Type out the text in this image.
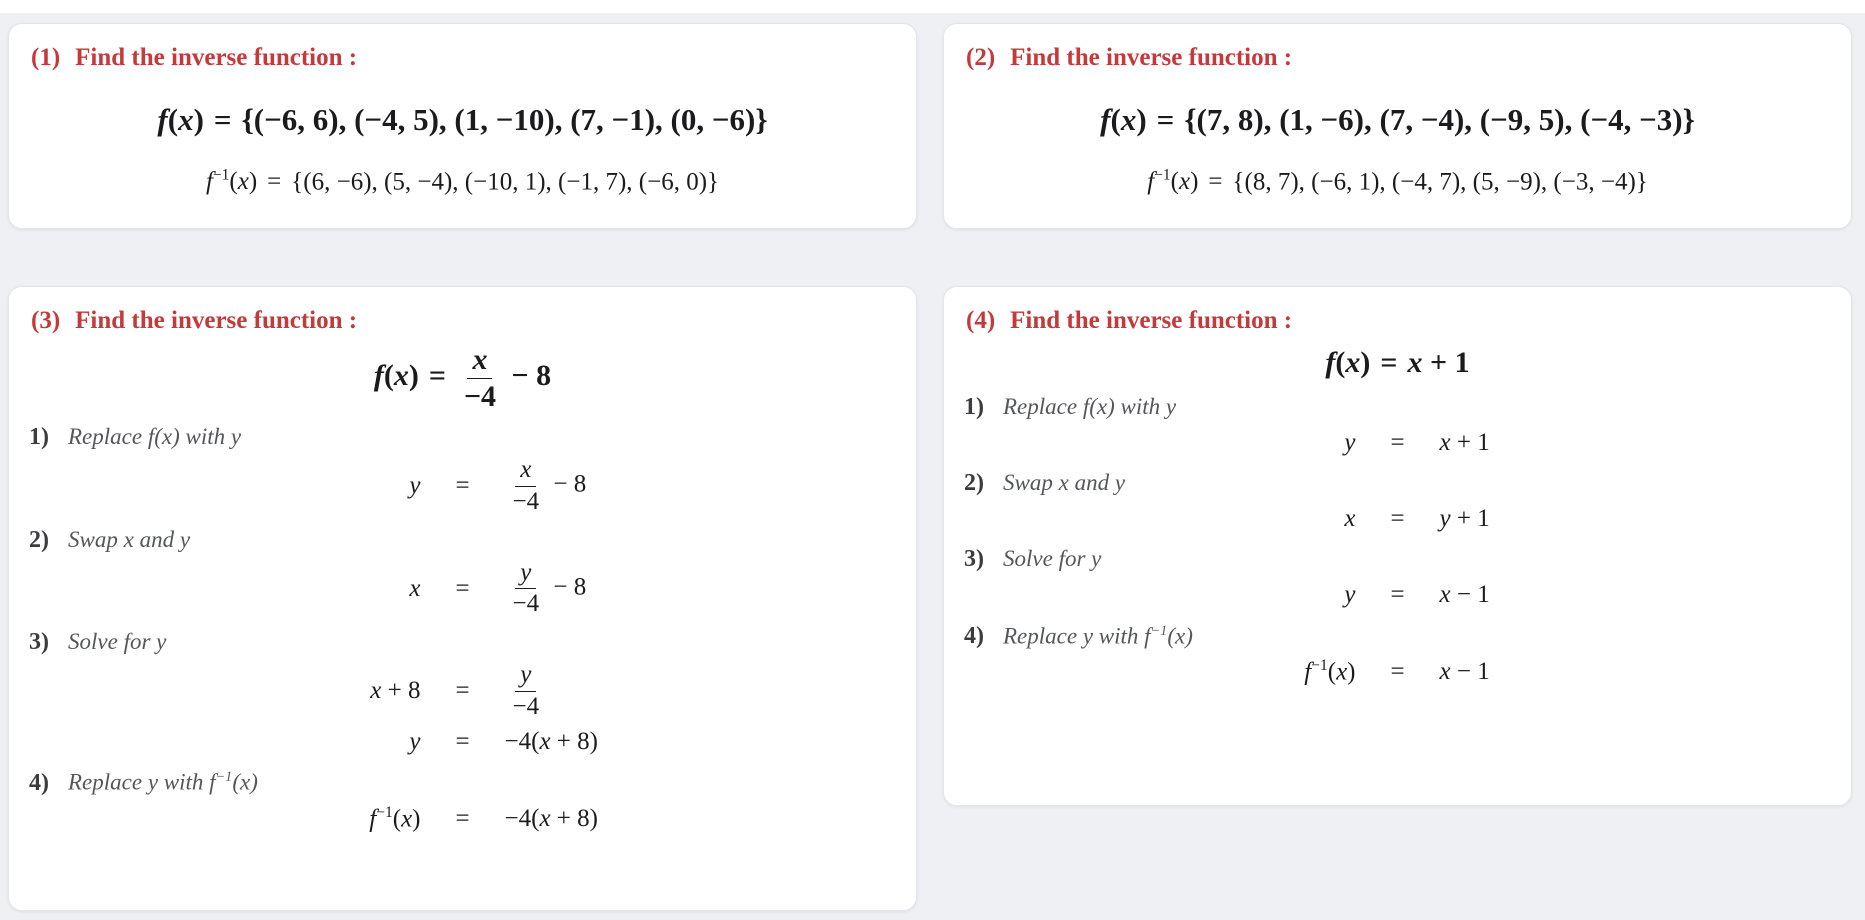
(1) Find the inverse function :
f(x) = {(−6, 6), (−4, 5), (1, −10), (7, −1), (0, −6)}
$f^{-1}(x) = \{(6$, −6), (5, −4), (−10, 1), (−1, 7), (−6, 0)}
(2) Find the inverse function :
f(x) = {(7, 8), (1, −6), (7, −4), (−9, 5), (−4, −3)}
$f^{-1}(x) = \{(8$, 7), (−6, 1), (−4, 7), (5, −9), (−3, −4)}
(3) Find the inverse function :
$f(x) = \frac{x}{-4} - 8$
1) Replace f(x) with y
y	=	$\frac{x}{-4} - 8$
2) Swap x and y
x	=	$\frac{y}{-4} - 8$
3) Solve for y
x + 8	=	$\frac{y}{-4}$
y	=	−4(x + 8)
4) Replace y with $f^{-1}(x)$
$f^{-1}(x)$	=	−4(x + 8)
(4) Find the inverse function :
f(x) = x + 1
1) Replace f(x) with y
y	=	x + 1
2) Swap x and y
x	=	y + 1
3) Solve for y
y	=	x − 1
4) Replace y with $f^{-1}(x)$
$f^{-1}(x)$	=	x − 1
